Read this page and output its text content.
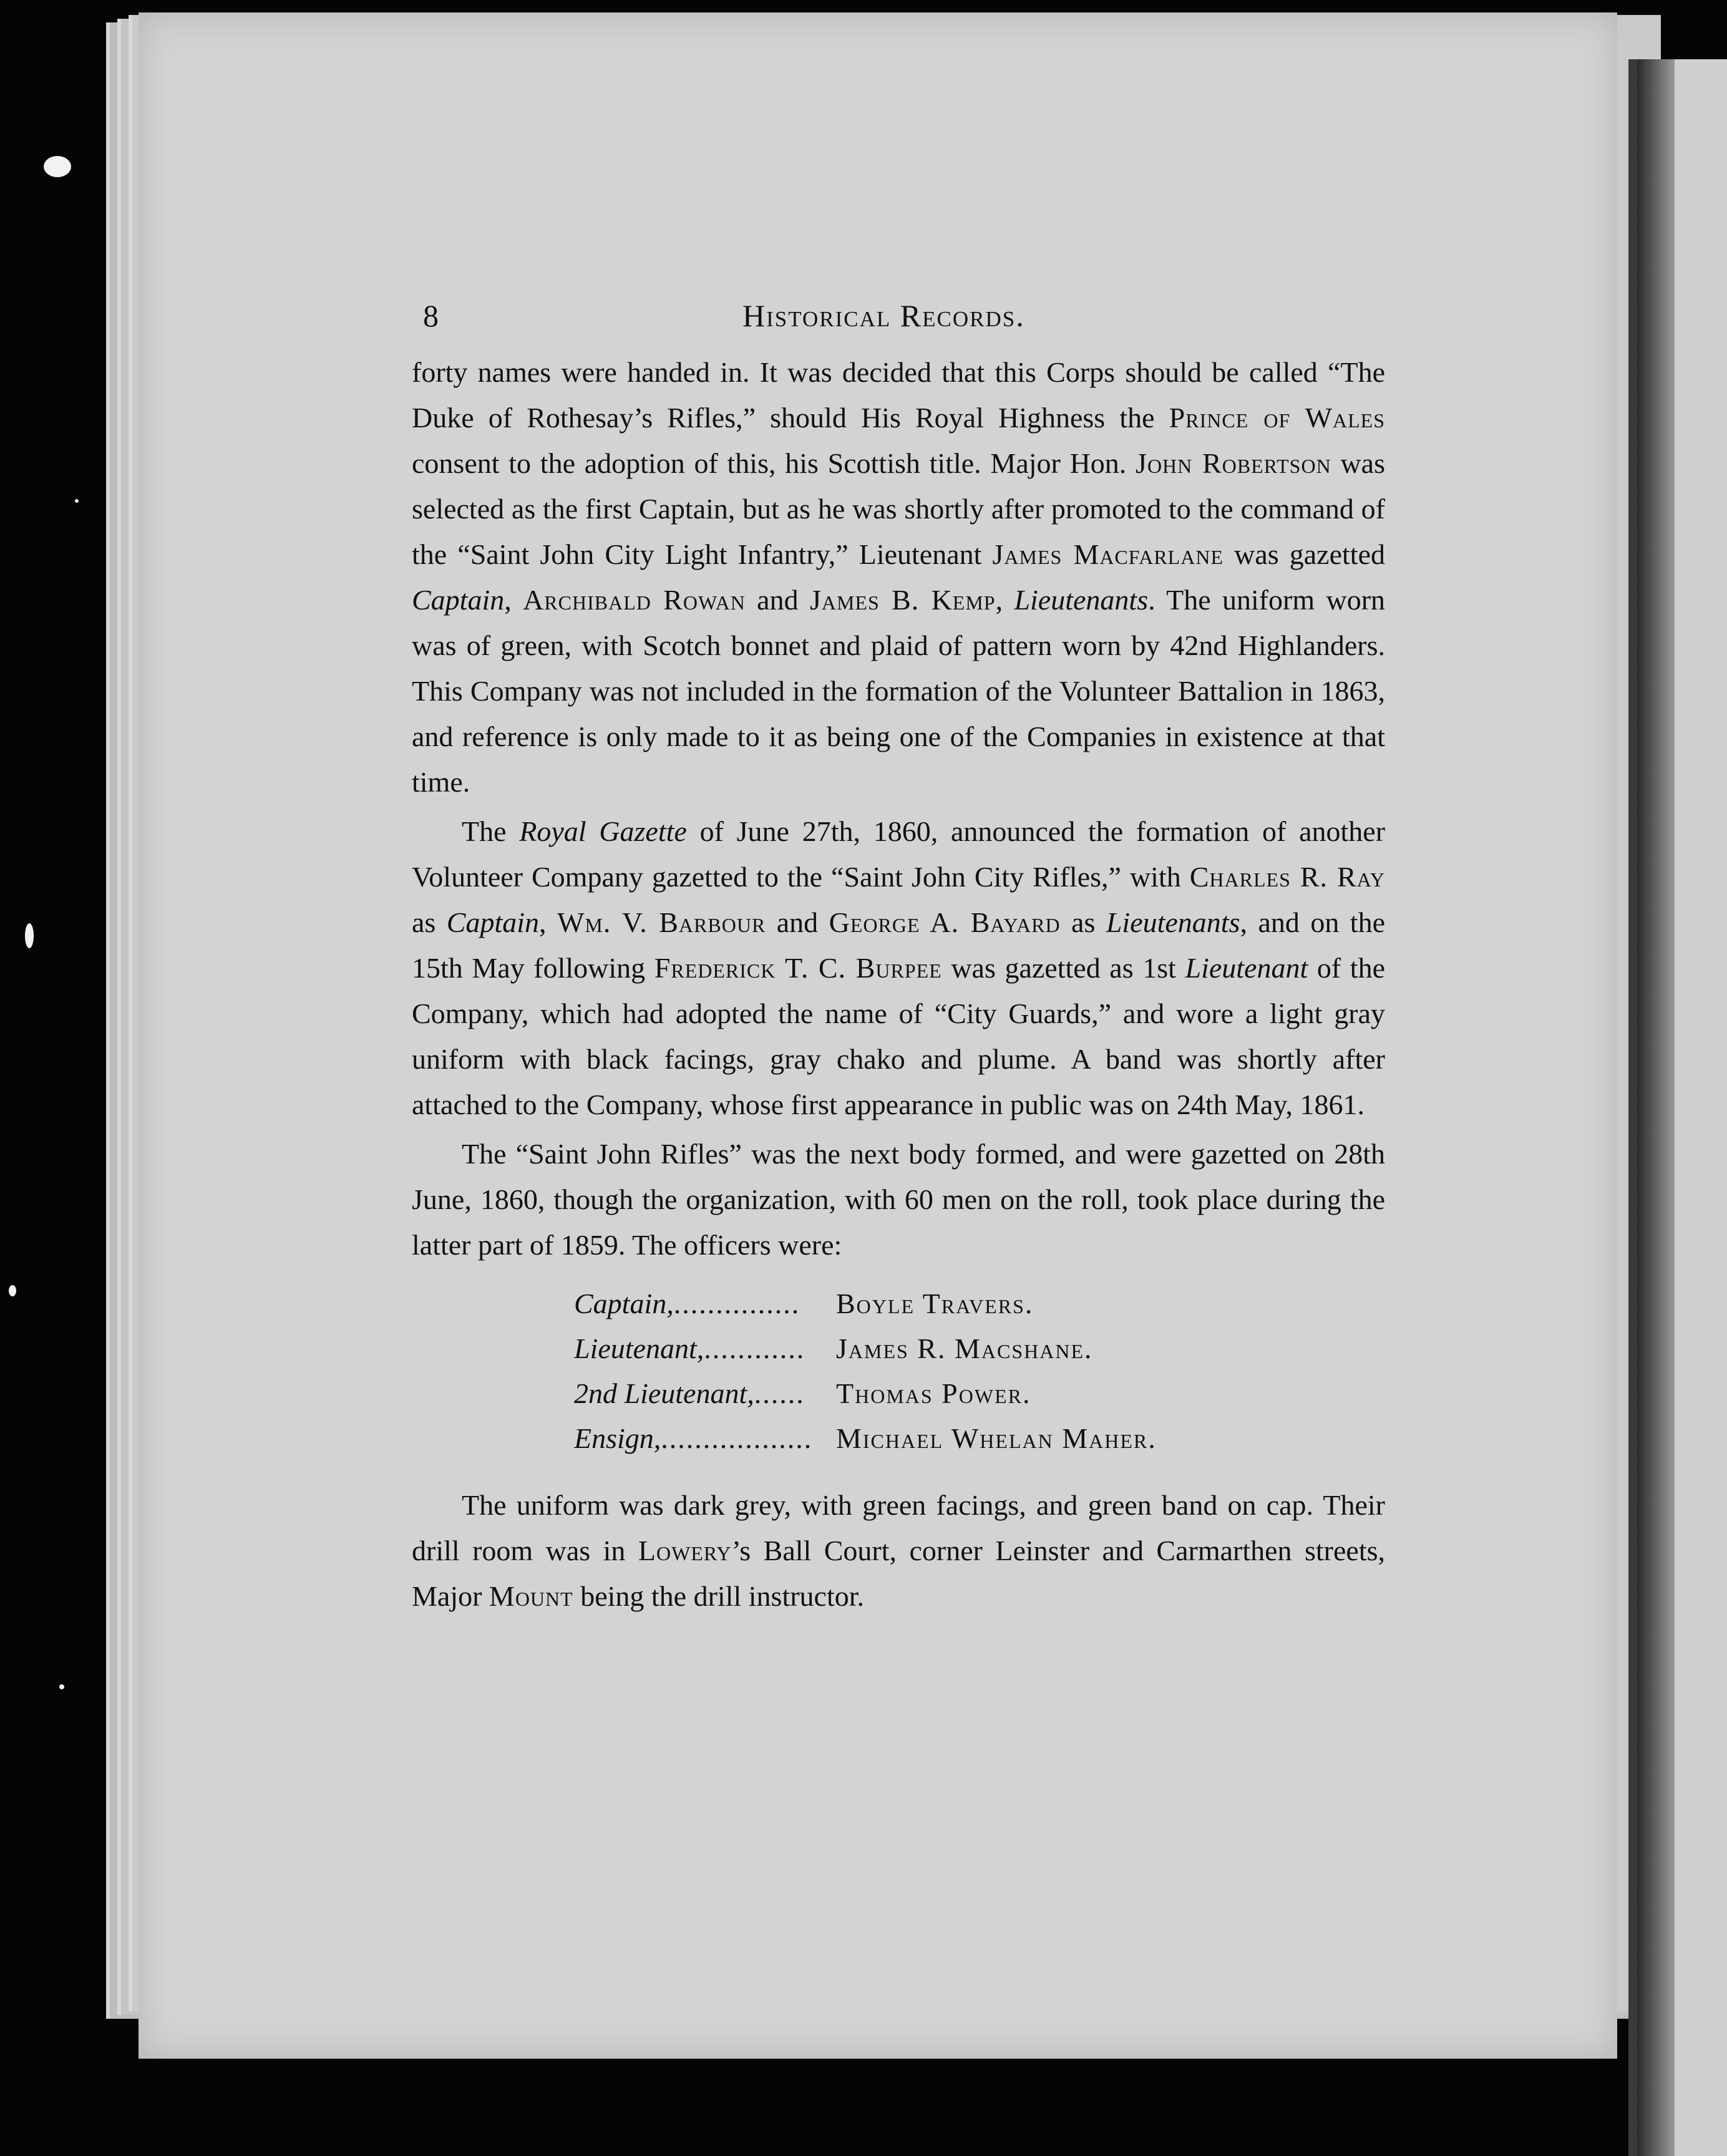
8	Historical Records.

forty names were handed in. It was decided that this Corps should be called “The Duke of Rothesay’s Rifles,” should His Royal Highness the Prince of Wales consent to the adoption of this, his Scottish title. Major Hon. John Robertson was selected as the first Captain, but as he was shortly after promoted to the command of the “Saint John City Light Infantry,” Lieutenant James Macfarlane was gazetted Captain, Archibald Rowan and James B. Kemp, Lieutenants. The uniform worn was of green, with Scotch bonnet and plaid of pattern worn by 42nd Highlanders. This Company was not included in the formation of the Volunteer Battalion in 1863, and reference is only made to it as being one of the Companies in existence at that time.

The Royal Gazette of June 27th, 1860, announced the formation of another Volunteer Company gazetted to the “Saint John City Rifles,” with Charles R. Ray as Captain, Wm. V. Barbour and George A. Bayard as Lieutenants, and on the 15th May following Frederick T. C. Burpee was gazetted as 1st Lieutenant of the Company, which had adopted the name of “City Guards,” and wore a light gray uniform with black facings, gray chako and plume. A band was shortly after attached to the Company, whose first appearance in public was on 24th May, 1861.

The “Saint John Rifles” was the next body formed, and were gazetted on 28th June, 1860, though the organization, with 60 men on the roll, took place during the latter part of 1859. The officers were:

Captain,...............	Boyle Travers.
Lieutenant,............	James R. Macshane.
2nd Lieutenant,......	Thomas Power.
Ensign,.................. Michael Whelan Maher.

The uniform was dark grey, with green facings, and green band on cap. Their drill room was in Lowery’s Ball Court, corner Leinster and Carmarthen streets, Major Mount being the drill instructor.
